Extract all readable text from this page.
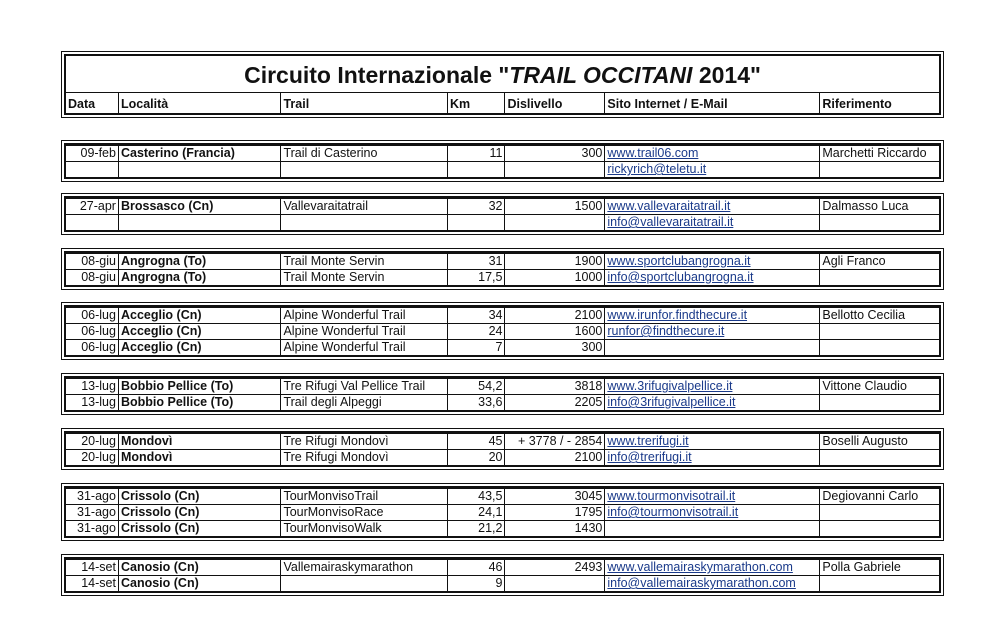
Circuito Internazionale "TRAIL OCCITANI 2014"
Data	Località	Trail	Km	Dislivello	Sito Internet / E-Mail	Riferimento
09-feb	Casterino (Francia)	Trail di Casterino	11	300	www.trail06.com	Marchetti Riccardo
					rickyrich@teletu.it	
27-apr	Brossasco (Cn)	Vallevaraitatrail	32	1500	www.vallevaraitatrail.it	Dalmasso Luca
					info@vallevaraitatrail.it	
08-giu	Angrogna (To)	Trail Monte Servin	31	1900	www.sportclubangrogna.it	Agli Franco
08-giu	Angrogna (To)	Trail Monte Servin	17,5	1000	info@sportclubangrogna.it	
06-lug	Acceglio (Cn)	Alpine Wonderful Trail	34	2100	www.irunfor.findthecure.it	Bellotto Cecilia
06-lug	Acceglio (Cn)	Alpine Wonderful Trail	24	1600	runfor@findthecure.it	
06-lug	Acceglio (Cn)	Alpine Wonderful Trail	7	300		
13-lug	Bobbio Pellice (To)	Tre Rifugi Val Pellice Trail	54,2	3818	www.3rifugivalpellice.it	Vittone Claudio
13-lug	Bobbio Pellice (To)	Trail degli Alpeggi	33,6	2205	info@3rifugivalpellice.it	
20-lug	Mondovì	Tre Rifugi Mondovì	45	+ 3778 / - 2854	www.trerifugi.it	Boselli Augusto
20-lug	Mondovì	Tre Rifugi Mondovì	20	2100	info@trerifugi.it	
31-ago	Crissolo (Cn)	TourMonvisoTrail	43,5	3045	www.tourmonvisotrail.it	Degiovanni Carlo
31-ago	Crissolo (Cn)	TourMonvisoRace	24,1	1795	info@tourmonvisotrail.it	
31-ago	Crissolo (Cn)	TourMonvisoWalk	21,2	1430		
14-set	Canosio (Cn)	Vallemairaskymarathon	46	2493	www.vallemairaskymarathon.com	Polla Gabriele
14-set	Canosio (Cn)		9		info@vallemairaskymarathon.com	
